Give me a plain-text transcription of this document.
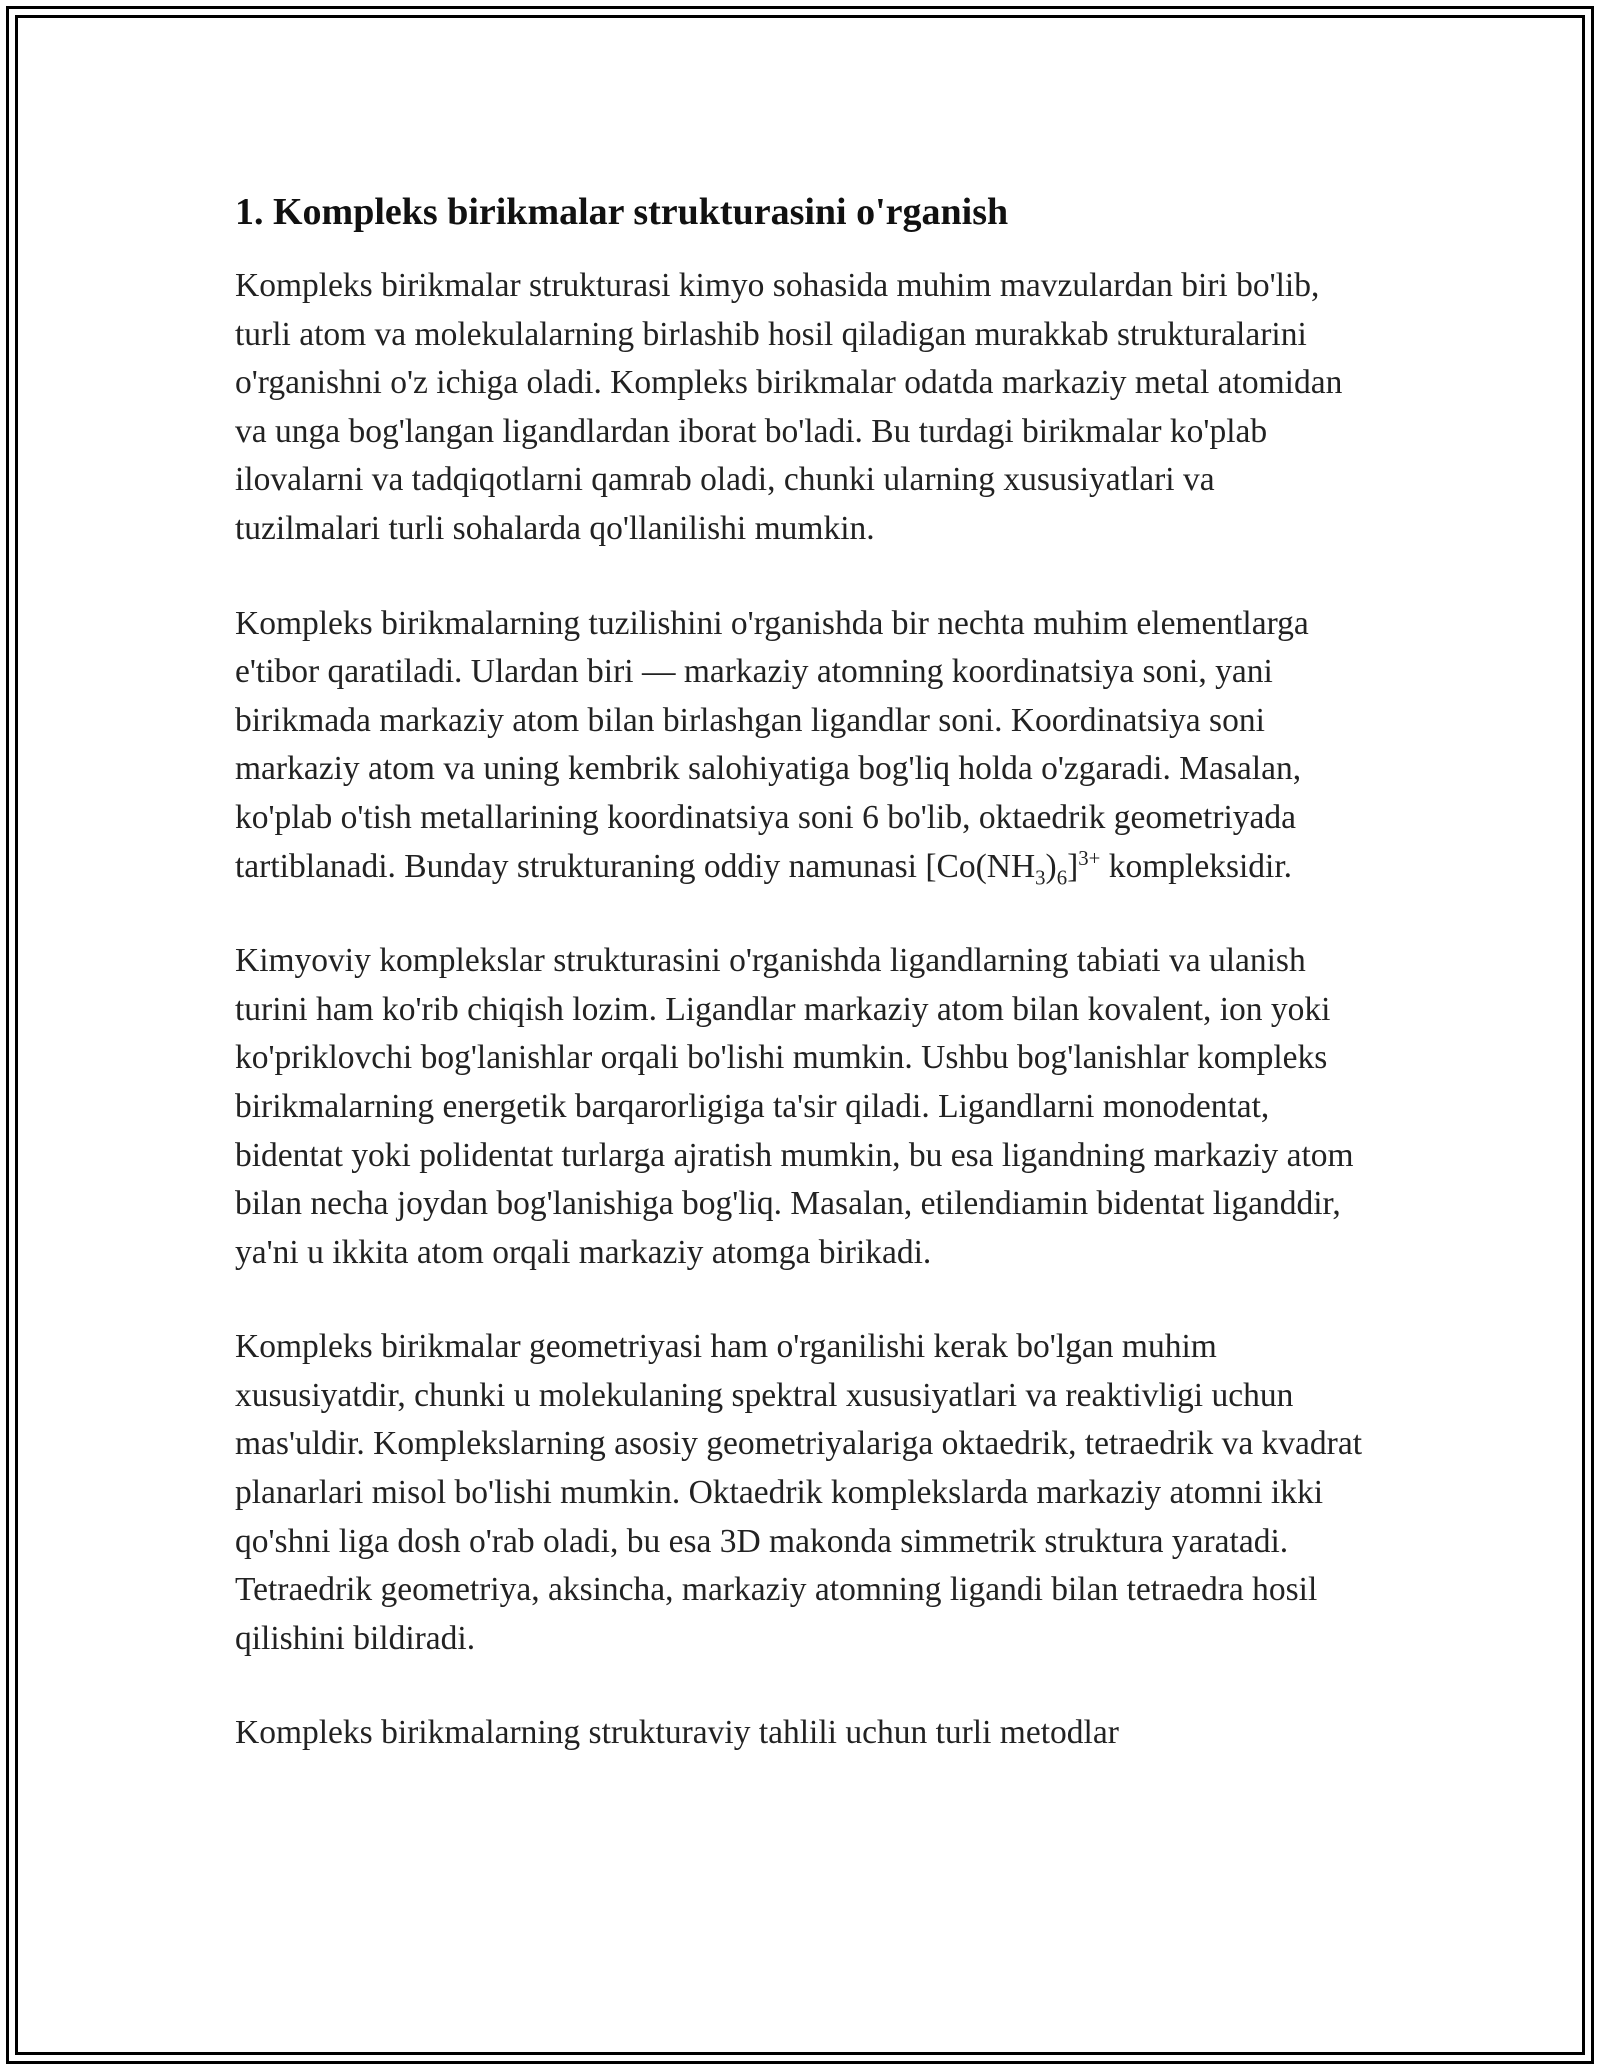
1. Kompleks birikmalar strukturasini o'rganish

Kompleks birikmalar strukturasi kimyo sohasida muhim mavzulardan biri bo'lib, turli atom va molekulalarning birlashib hosil qiladigan murakkab strukturalarini o'rganishni o'z ichiga oladi. Kompleks birikmalar odatda markaziy metal atomidan va unga bog'langan ligandlardan iborat bo'ladi. Bu turdagi birikmalar ko'plab ilovalarni va tadqiqotlarni qamrab oladi, chunki ularning xususiyatlari va tuzilmalari turli sohalarda qo'llanilishi mumkin.

Kompleks birikmalarning tuzilishini o'rganishda bir nechta muhim elementlarga e'tibor qaratiladi. Ulardan biri — markaziy atomning koordinatsiya soni, yani birikmada markaziy atom bilan birlashgan ligandlar soni. Koordinatsiya soni markaziy atom va uning kembrik salohiyatiga bog'liq holda o'zgaradi. Masalan, ko'plab o'tish metallarining koordinatsiya soni 6 bo'lib, oktaedrik geometriyada tartiblanadi. Bunday strukturaning oddiy namunasi $[Co(NH_3)_6]^{3+}$ kompleksidir.

Kimyoviy komplekslar strukturasini o'rganishda ligandlarning tabiati va ulanish turini ham ko'rib chiqish lozim. Ligandlar markaziy atom bilan kovalent, ion yoki ko'priklovchi bog'lanishlar orqali bo'lishi mumkin. Ushbu bog'lanishlar kompleks birikmalarning energetik barqarorligiga ta'sir qiladi. Ligandlarni monodentat, bidentat yoki polidentat turlarga ajratish mumkin, bu esa ligandning markaziy atom bilan necha joydan bog'lanishiga bog'liq. Masalan, etilendiamin bidentat liganddir, ya'ni u ikkita atom orqali markaziy atomga birikadi.

Kompleks birikmalar geometriyasi ham o'rganilishi kerak bo'lgan muhim xususiyatdir, chunki u molekulaning spektral xususiyatlari va reaktivligi uchun mas'uldir. Komplekslarning asosiy geometriyalariga oktaedrik, tetraedrik va kvadrat planarlari misol bo'lishi mumkin. Oktaedrik komplekslarda markaziy atomni ikki qo'shni liga dosh o'rab oladi, bu esa 3D makonda simmetrik struktura yaratadi. Tetraedrik geometriya, aksincha, markaziy atomning ligandi bilan tetraedra hosil qilishini bildiradi.

Kompleks birikmalarning strukturaviy tahlili uchun turli metodlar
